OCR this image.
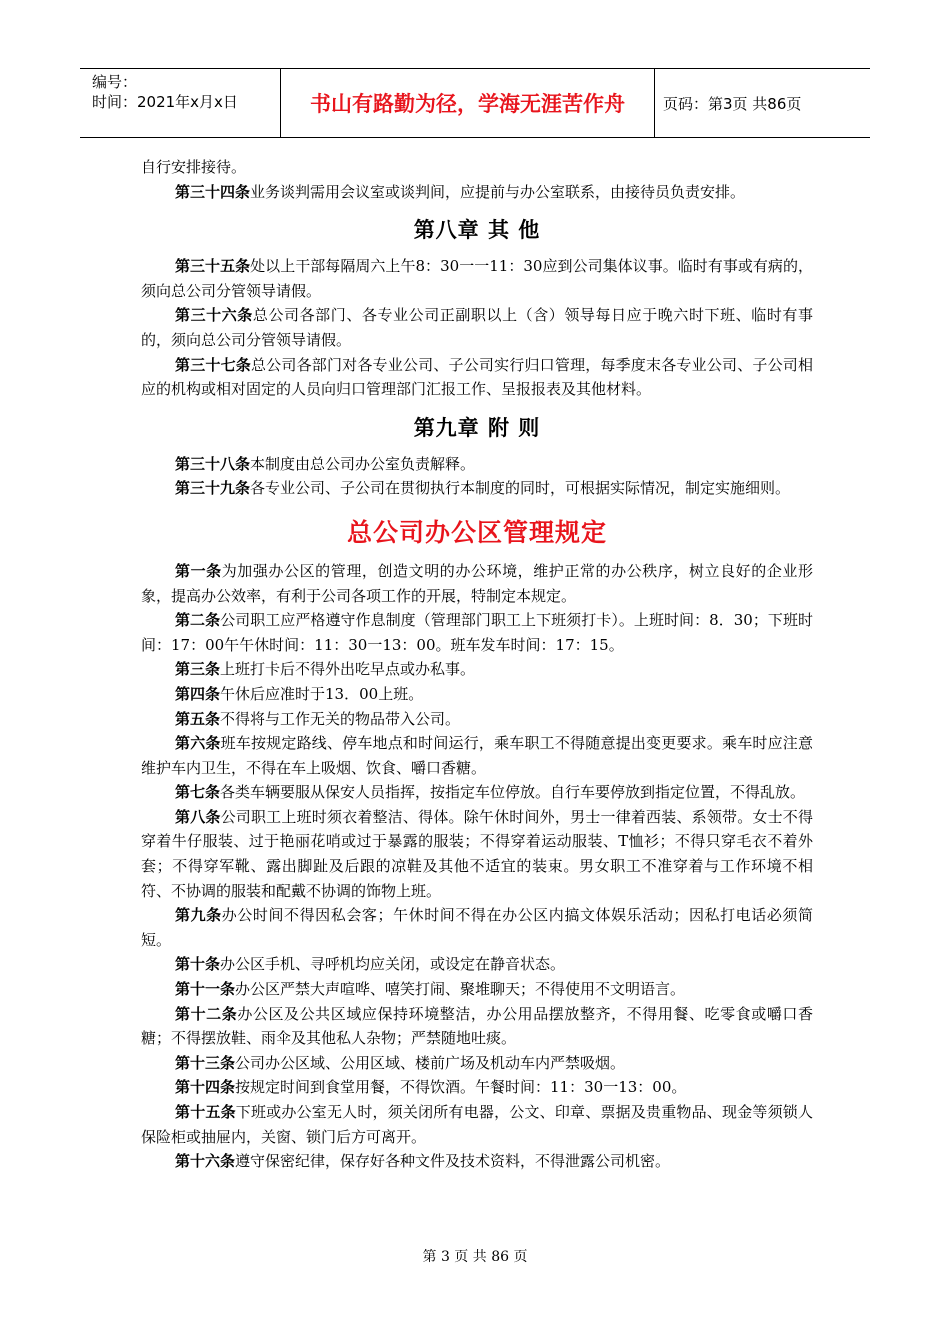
编号：
时间：2021年x月x日	书山有路勤为径，学海无涯苦作舟	页码：第3页 共86页

自行安排接待。

第三十四条业务谈判需用会议室或谈判间，应提前与办公室联系，由接待员负责安排。

第八章 其 他

第三十五条处以上干部每隔周六上午8：30一一11：30应到公司集体议事。临时有事或有病的，须向总公司分管领导请假。

第三十六条总公司各部门、各专业公司正副职以上（含）领导每日应于晚六时下班、临时有事的，须向总公司分管领导请假。

第三十七条总公司各部门对各专业公司、子公司实行归口管理，每季度末各专业公司、子公司相应的机构或相对固定的人员向归口管理部门汇报工作、呈报报表及其他材料。

第九章 附 则

第三十八条本制度由总公司办公室负责解释。

第三十九条各专业公司、子公司在贯彻执行本制度的同时，可根据实际情况，制定实施细则。

总公司办公区管理规定

第一条为加强办公区的管理，创造文明的办公环境，维护正常的办公秩序，树立良好的企业形象，提高办公效率，有利于公司各项工作的开展，特制定本规定。

第二条公司职工应严格遵守作息制度（管理部门职工上下班须打卡）。上班时间：8．30；下班时间：17：00午午休时间：11：30一13：00。班车发车时间：17：15。

第三条上班打卡后不得外出吃早点或办私事。

第四条午休后应准时于13．00上班。

第五条不得将与工作无关的物品带入公司。

第六条班车按规定路线、停车地点和时间运行，乘车职工不得随意提出变更要求。乘车时应注意维护车内卫生，不得在车上吸烟、饮食、嚼口香糖。

第七条各类车辆要服从保安人员指挥，按指定车位停放。自行车要停放到指定位置，不得乱放。

第八条公司职工上班时须衣着整洁、得体。除午休时间外，男士一律着西装、系领带。女士不得穿着牛仔服装、过于艳丽花哨或过于暴露的服装；不得穿着运动服装、T恤衫；不得只穿毛衣不着外套；不得穿军靴、露出脚趾及后跟的凉鞋及其他不适宜的装束。男女职工不准穿着与工作环境不相符、不协调的服装和配戴不协调的饰物上班。

第九条办公时间不得因私会客；午休时间不得在办公区内搞文体娱乐活动；因私打电话必须简短。

第十条办公区手机、寻呼机均应关闭，或设定在静音状态。

第十一条办公区严禁大声喧哗、嘻笑打闹、聚堆聊天；不得使用不文明语言。

第十二条办公区及公共区域应保持环境整洁，办公用品摆放整齐，不得用餐、吃零食或嚼口香糖；不得摆放鞋、雨伞及其他私人杂物；严禁随地吐痰。

第十三条公司办公区域、公用区域、楼前广场及机动车内严禁吸烟。

第十四条按规定时间到食堂用餐，不得饮酒。午餐时间：11：30一13：00。

第十五条下班或办公室无人时，须关闭所有电器，公文、印章、票据及贵重物品、现金等须锁人保险柜或抽屉内，关窗、锁门后方可离开。

第十六条遵守保密纪律，保存好各种文件及技术资料，不得泄露公司机密。

第 3 页 共 86 页
